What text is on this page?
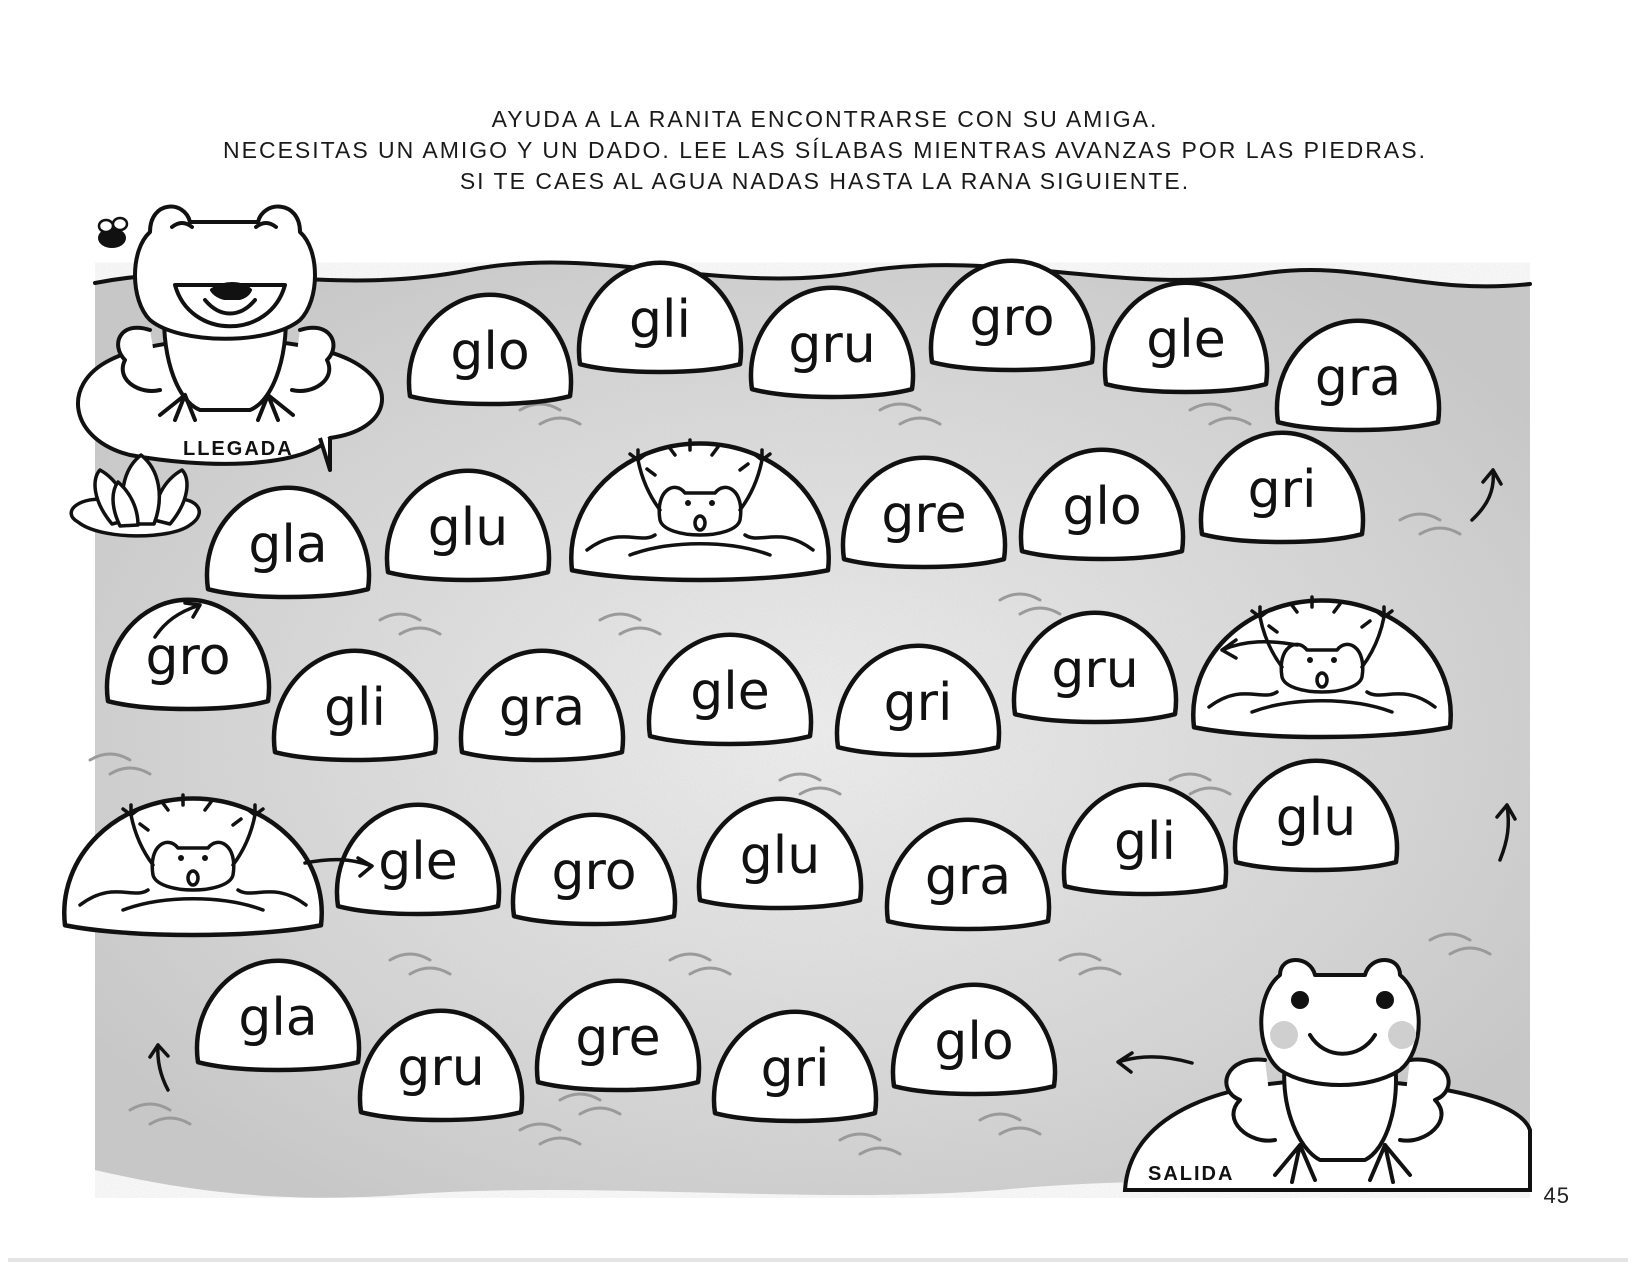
AYUDA A LA RANITA ENCONTRARSE CON SU AMIGA.
NECESITAS UN AMIGO Y UN DADO. LEE LAS SÍLABAS MIENTRAS AVANZAS POR LAS PIEDRAS.
SI TE CAES AL AGUA NADAS HASTA LA RANA SIGUIENTE.
LLEGADA
SALIDA
glo
gli gru gro gle
gra
gla glu	gre glo gri
gro
gli gra gle gri
gru
gle gro glu gra
gli glu
gla
gru gre
gri glo
45
